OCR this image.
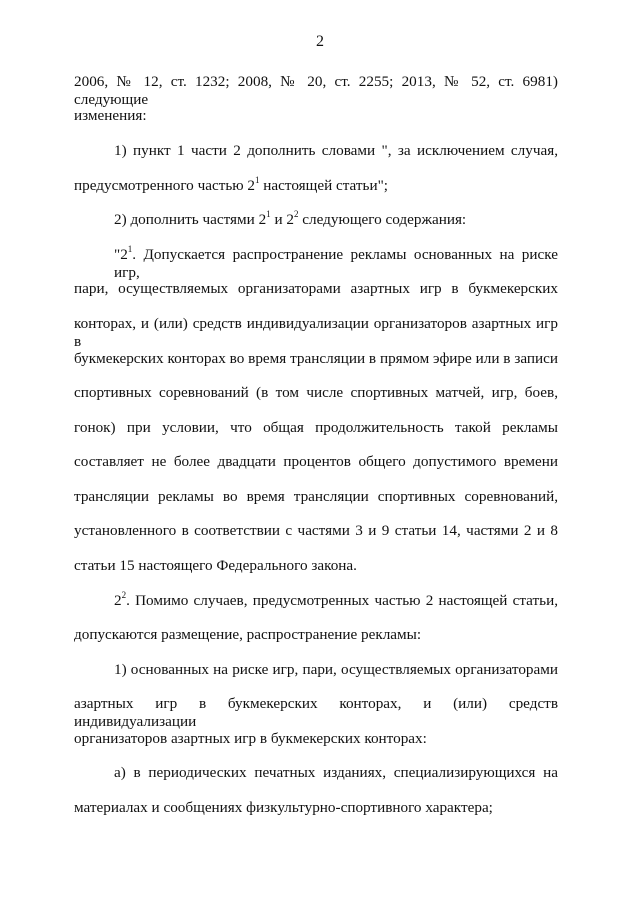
2
2006, № 12, ст. 1232; 2008, № 20, ст. 2255; 2013, № 52, ст. 6981) следующие
изменения:
1) пункт 1 части 2 дополнить словами ", за исключением случая,
предусмотренного частью $2^1$ настоящей статьи";
2) дополнить частями $2^1$ и $2^2$ следующего содержания:
"$2^1$. Допускается распространение рекламы основанных на риске игр,
пари, осуществляемых организаторами азартных игр в букмекерских
конторах, и (или) средств индивидуализации организаторов азартных игр в
букмекерских конторах во время трансляции в прямом эфире или в записи
спортивных соревнований (в том числе спортивных матчей, игр, боев,
гонок) при условии, что общая продолжительность такой рекламы
составляет не более двадцати процентов общего допустимого времени
трансляции рекламы во время трансляции спортивных соревнований,
установленного в соответствии с частями 3 и 9 статьи 14, частями 2 и 8
статьи 15 настоящего Федерального закона.
$2^2$. Помимо случаев, предусмотренных частью 2 настоящей статьи,
допускаются размещение, распространение рекламы:
1) основанных на риске игр, пари, осуществляемых организаторами
азартных игр в букмекерских конторах, и (или) средств индивидуализации
организаторов азартных игр в букмекерских конторах:
а) в периодических печатных изданиях, специализирующихся на
материалах и сообщениях физкультурно-спортивного характера;
